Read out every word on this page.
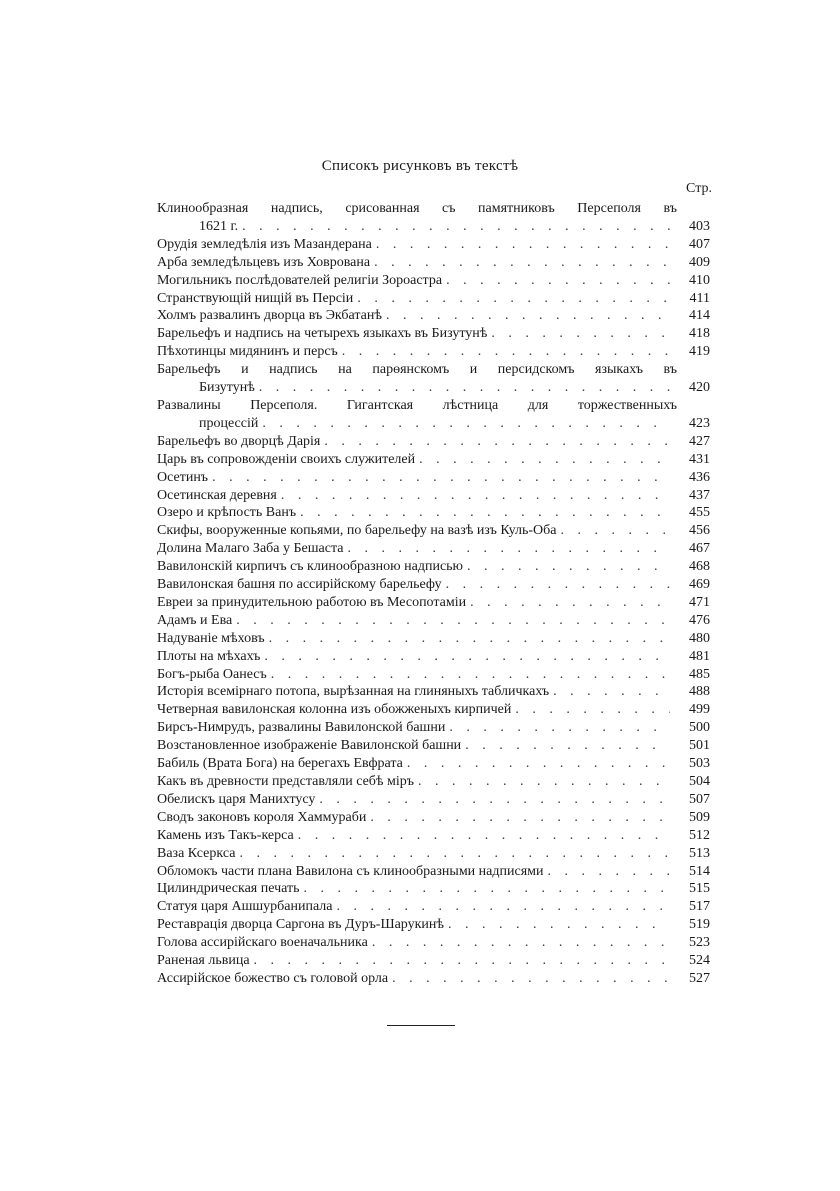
Списокъ рисунковъ въ текстѣ
Стр.
Клинообразная надпись, срисованная съ памятниковъ Персеполя въ
1621 г. . . .	403
Орудія земледѣлія изъ Мазандерана . . .	407
Арба земледѣльцевъ изъ Ховрована . . .	409
Могильникъ послѣдователей религіи Зороастра . . .	410
Странствующій нищій въ Персіи . . .	411
Холмъ развалинъ дворца въ Экбатанѣ . . .	414
Барельефъ и надпись на четырехъ языкахъ въ Бизутунѣ . . .	418
Пѣхотинцы мидянинъ и персъ . . .	419
Барельефъ и надпись на парѳянскомъ и персидскомъ языкахъ въ
Бизутунѣ . . .	420
Развалины Персеполя. Гигантская лѣстница для торжественныхъ
процессій . . .	423
Барельефъ во дворцѣ Дарія . . .	427
Царь въ сопровожденіи своихъ служителей . . .	431
Осетинъ . . .	436
Осетинская деревня . . .	437
Озеро и крѣпость Ванъ . . .	455
Скифы, вооруженные копьями, по барельефу на вазѣ изъ Куль-Оба . . .	456
Долина Малаго Заба у Бешаста . . .	467
Вавилонскій кирпичъ съ клинообразною надписью . . .	468
Вавилонская башня по ассирійскому барельефу . . .	469
Евреи за принудительною работою въ Месопотаміи . . .	471
Адамъ и Ева . . .	476
Надуваніе мѣховъ . . .	480
Плоты на мѣхахъ . . .	481
Богъ-рыба Оанесъ . . .	485
Исторія всемірнаго потопа, вырѣзанная на глиняныхъ табличкахъ . . .	488
Четверная вавилонская колонна изъ обожженыхъ кирпичей . . .	499
Бирсъ-Нимрудъ, развалины Вавилонской башни . . .	500
Возстановленное изображеніе Вавилонской башни . . .	501
Бабиль (Врата Бога) на берегахъ Евфрата . . .	503
Какъ въ древности представляли себѣ міръ . . .	504
Обелискъ царя Манихтусу . . .	507
Сводъ законовъ короля Хаммураби . . .	509
Камень изъ Такъ-керса . . .	512
Ваза Ксеркса . . .	513
Обломокъ части плана Вавилона съ клинообразными надписями . . .	514
Цилиндрическая печать . . .	515
Статуя царя Ашшурбанипала . . .	517
Реставрація дворца Саргона въ Дуръ-Шарукинѣ . . .	519
Голова ассирійскаго военачальника . . .	523
Раненая львица . . .	524
Ассирійское божество съ головой орла . . .	527
